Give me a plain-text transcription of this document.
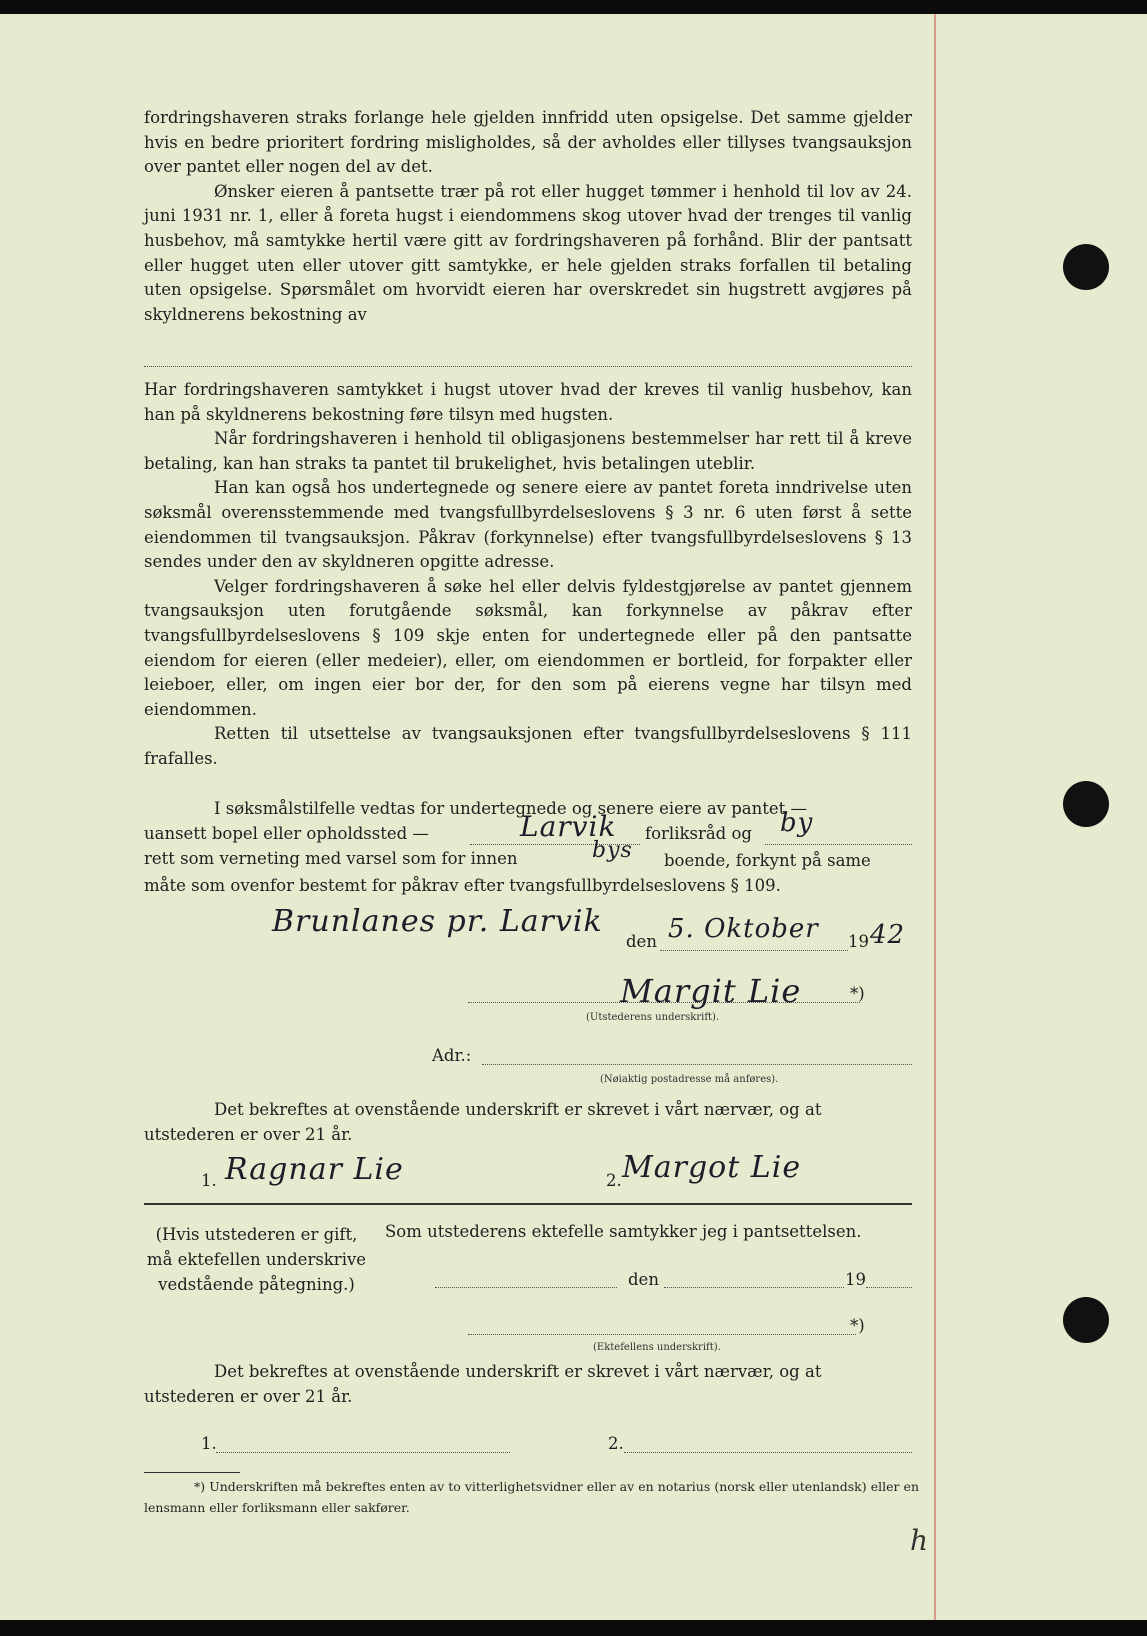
fordringshaveren straks forlange hele gjelden innfridd uten opsigelse. Det samme gjelder hvis en bedre prioritert fordring misligholdes, så der avholdes eller tillyses tvangsauksjon over pantet eller nogen del av det.

Ønsker eieren å pantsette trær på rot eller hugget tømmer i henhold til lov av 24. juni 1931 nr. 1, eller å foreta hugst i eiendommens skog utover hvad der trenges til vanlig husbehov, må samtykke hertil være gitt av fordringshaveren på forhånd. Blir der pantsatt eller hugget uten eller utover gitt samtykke, er hele gjelden straks forfallen til betaling uten opsigelse. Spørsmålet om hvorvidt eieren har overskredet sin hugstrett avgjøres på skyldnerens bekostning av

Har fordringshaveren samtykket i hugst utover hvad der kreves til vanlig husbehov, kan han på skyldnerens bekostning føre tilsyn med hugsten.

Når fordringshaveren i henhold til obligasjonens bestemmelser har rett til å kreve betaling, kan han straks ta pantet til brukelighet, hvis betalingen uteblir.

Han kan også hos undertegnede og senere eiere av pantet foreta inndrivelse uten søksmål overensstemmende med tvangsfullbyrdelseslovens § 3 nr. 6 uten først å sette eiendommen til tvangsauksjon. Påkrav (forkynnelse) efter tvangsfullbyrdelseslovens § 13 sendes under den av skyldneren opgitte adresse.

Velger fordringshaveren å søke hel eller delvis fyldestgjørelse av pantet gjennem tvangsauksjon uten forutgående søksmål, kan forkynnelse av påkrav efter tvangsfullbyrdelseslovens § 109 skje enten for undertegnede eller på den pantsatte eiendom for eieren (eller medeier), eller, om eiendommen er bortleid, for forpakter eller leieboer, eller, om ingen eier bor der, for den som på eierens vegne har tilsyn med eiendommen.

Retten til utsettelse av tvangsauksjonen efter tvangsfullbyrdelseslovens § 111 frafalles.

I søksmålstilfelle vedtas for undertegnede og senere eiere av pantet —
uansett bopel eller opholdssted —	Larvik forliksråd og by
rett som verneting med varsel som for innen	bys	boende, forkynt på same måte som ovenfor bestemt for påkrav efter tvangsfullbyrdelseslovens § 109.
Brunlanes pr. Larvik
den 5. Oktober 19 42
Margit Lie	*)
(Utstederens underskrift).
Adr.:
(Nøiaktig postadresse må anføres).
Det bekreftes at ovenstående underskrift er skrevet i vårt nærvær, og at utstederen er over 21 år.
1. Ragnar Lie	2. Margot Lie
(Hvis utstederen er gift, må ektefellen underskrive vedstående påtegning.)
Som utstederens ektefelle samtykker jeg i pantsettelsen.
den	19
*)
(Ektefellens underskrift).
Det bekreftes at ovenstående underskrift er skrevet i vårt nærvær, og at utstederen er over 21 år.
1.	2.
*) Underskriften må bekreftes enten av to vitterlighetsvidner eller av en notarius (norsk eller utenlandsk) eller en lensmann eller forliksmann eller sakfører.
h
